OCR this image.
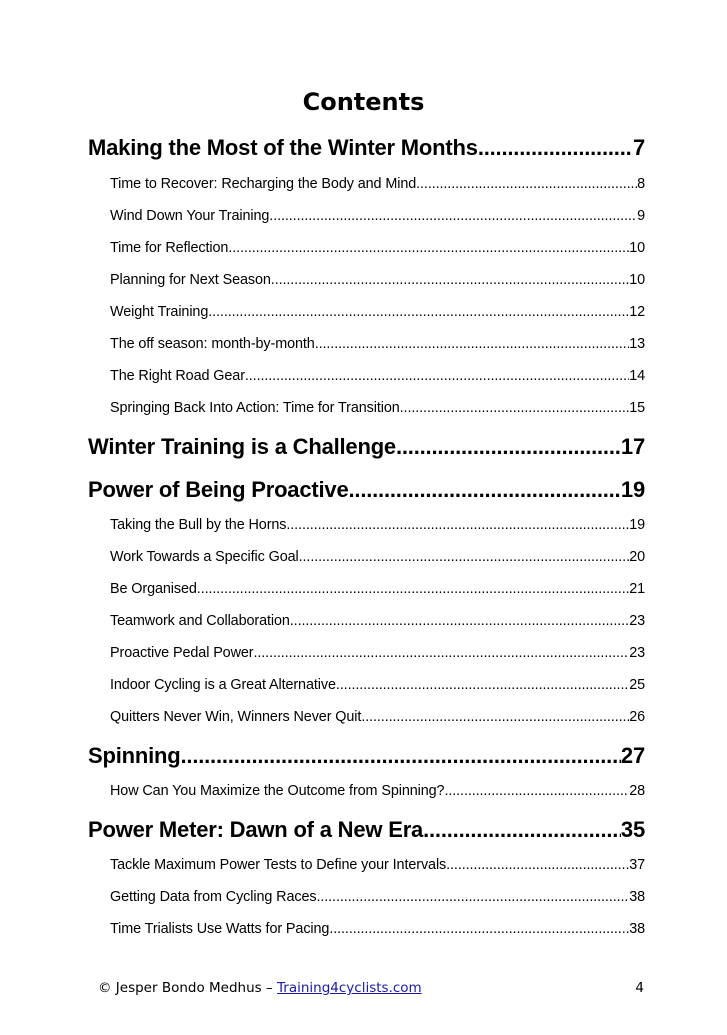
Contents
Making the Most of the Winter Months .....	7
Time to Recover: Recharging the Body and Mind .....	8
Wind Down Your Training .....	9
Time for Reflection .....	10
Planning for Next Season .....	10
Weight Training .....	12
The off season: month-by-month .....	13
The Right Road Gear .....	14
Springing Back Into Action: Time for Transition .....	15
Winter Training is a Challenge .....	17
Power of Being Proactive .....	19
Taking the Bull by the Horns .....	19
Work Towards a Specific Goal .....	20
Be Organised .....	21
Teamwork and Collaboration .....	23
Proactive Pedal Power .....	23
Indoor Cycling is a Great Alternative .....	25
Quitters Never Win, Winners Never Quit .....	26
Spinning .....	27
How Can You Maximize the Outcome from Spinning? .....	28
Power Meter: Dawn of a New Era .....	35
Tackle Maximum Power Tests to Define your Intervals .....	37
Getting Data from Cycling Races .....	38
Time Trialists Use Watts for Pacing .....	38
© Jesper Bondo Medhus – Training4cyclists.com	4
